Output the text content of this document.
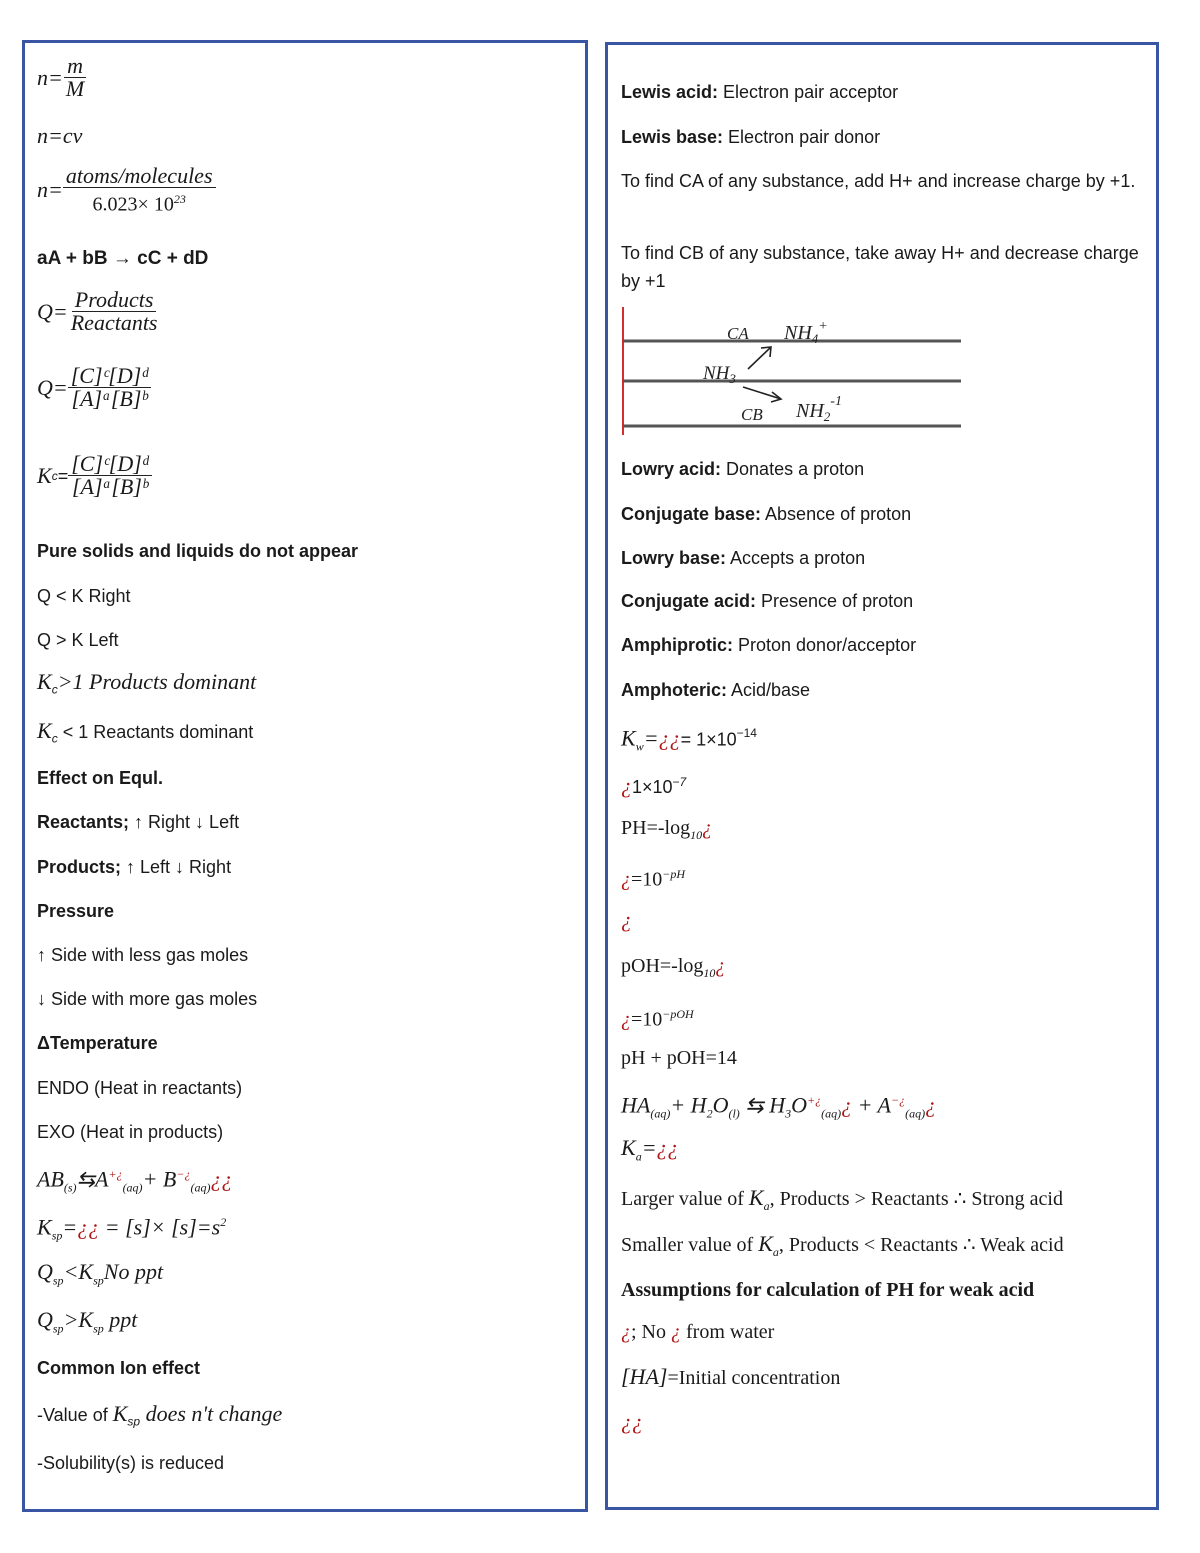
$n= \frac{m}{M}$
n=cv
$n= \frac{\text{atoms/molecules}}{6.023\times 10^{23}}$
aA + bB → cC + dD
$Q= \frac{\text{Products}}{\text{Reactants}}$
$Q= \frac{\text{[C]ᶜ[D]ᵈ}}{\text{[A]ᵃ[B]ᵇ}}$
K $c = \frac{\text{[C]ᶜ[D]ᵈ}}{\text{[A]ᵃ[B]ᵇ}}$
Pure solids and liquids do not appear
Q < K Right
Q > K Left
$K_c>1$ Products dominant
$K_c < 1$ Reactants dominant
Effect on Equl.
Reactants; ↑ Right ↓ Left
Products; ↑ Left ↓ Right
Pressure
↑ Side with less gas moles
↓ Side with more gas moles
ΔTemperature
ENDO (Heat in reactants)
EXO (Heat in products)
$AB_{(s)}⇆A^{+¿}_{(aq)}+$ $B^{-¿}_{(aq)}¿¿$
$K_{sp}=¿¿ = [s]\times [s]=s^2$
$Q_{sp}<K_{sp}No$ ppt
$Q_{sp}>K_{sp}$ ppt
Common Ion effect
-Value of $K_{sp}$ does n't change
-Solubility(s) is reduced
Lewis acid: Electron pair acceptor
Lewis base: Electron pair donor
To find CA of any substance, add H+ and increase charge by +1.
To find CB of any substance, take away H+ and decrease charge by +1
CA $NH_4^+$
$NH_3$
CB $NH_2^{-1}$
Lowry acid: Donates a proton
Conjugate base: Absence of proton
Lowry base: Accepts a proton
Conjugate acid: Presence of proton
Amphiprotic: Proton donor/acceptor
Amphoteric: Acid/base
$K_w=¿¿= 1\times 10^{-14}$
¿$1\times 10^{-7}$
$PH=-\log_{10}¿$
¿$=10^{-pH}$
¿
$pOH=-\log_{10}¿$
¿$=10^{-pOH}$
pH + pOH=14
$HA_{(aq)}+ H_2O_{(l)}$ ⇆ $H_3O^{+¿}_{(aq)}¿$ + $A^{-¿}_{(aq)}¿$
$K_a=¿¿$
Larger value of $K_a$, Products > Reactants ∴ Strong acid
Smaller value of $K_a$, Products < Reactants ∴ Weak acid
Assumptions for calculation of PH for weak acid
¿; No ¿ from water
[HA]=Initial concentration
¿¿
